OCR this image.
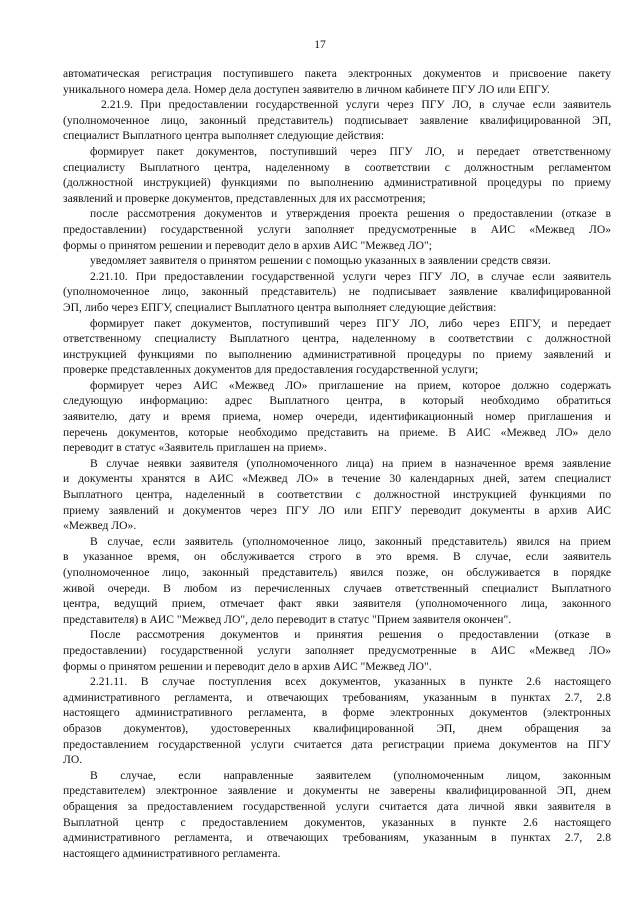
17
автоматическая регистрация поступившего пакета электронных документов и присвоение пакету
уникального номера дела. Номер дела доступен заявителю в личном кабинете ПГУ ЛО или ЕПГУ.
2.21.9. При предоставлении государственной услуги через ПГУ ЛО, в случае если заявитель
(уполномоченное лицо, законный представитель) подписывает заявление квалифицированной ЭП,
специалист Выплатного центра выполняет следующие действия:
формирует пакет документов, поступивший через ПГУ ЛО, и передает ответственному
специалисту Выплатного центра, наделенному в соответствии с должностным регламентом
(должностной инструкцией) функциями по выполнению административной процедуры по приему
заявлений и проверке документов, представленных для их рассмотрения;
после рассмотрения документов и утверждения проекта решения о предоставлении (отказе в
предоставлении) государственной услуги заполняет предусмотренные в АИС «Межвед ЛО»
формы о принятом решении и переводит дело в архив АИС "Межвед ЛО";
уведомляет заявителя о принятом решении с помощью указанных в заявлении средств связи.
2.21.10. При предоставлении государственной услуги через ПГУ ЛО, в случае если заявитель
(уполномоченное лицо, законный представитель) не подписывает заявление квалифицированной
ЭП, либо через ЕПГУ, специалист Выплатного центра выполняет следующие действия:
формирует пакет документов, поступивший через ПГУ ЛО, либо через ЕПГУ, и передает
ответственному специалисту Выплатного центра, наделенному в соответствии с должностной
инструкцией функциями по выполнению административной процедуры по приему заявлений и
проверке представленных документов для предоставления государственной услуги;
формирует через АИС «Межвед ЛО» приглашение на прием, которое должно содержать
следующую информацию: адрес Выплатного центра, в который необходимо обратиться
заявителю, дату и время приема, номер очереди, идентификационный номер приглашения и
перечень документов, которые необходимо представить на приеме. В АИС «Межвед ЛО» дело
переводит в статус «Заявитель приглашен на прием».
В случае неявки заявителя (уполномоченного лица) на прием в назначенное время заявление
и документы хранятся в АИС «Межвед ЛО» в течение 30 календарных дней, затем специалист
Выплатного центра, наделенный в соответствии с должностной инструкцией функциями по
приему заявлений и документов через ПГУ ЛО или ЕПГУ переводит документы в архив АИС
«Межвед ЛО».
В случае, если заявитель (уполномоченное лицо, законный представитель) явился на прием
в указанное время, он обслуживается строго в это время. В случае, если заявитель
(уполномоченное лицо, законный представитель) явился позже, он обслуживается в порядке
живой очереди. В любом из перечисленных случаев ответственный специалист Выплатного
центра, ведущий прием, отмечает факт явки заявителя (уполномоченного лица, законного
представителя) в АИС "Межвед ЛО", дело переводит в статус "Прием заявителя окончен".
После рассмотрения документов и принятия решения о предоставлении (отказе в
предоставлении) государственной услуги заполняет предусмотренные в АИС «Межвед ЛО»
формы о принятом решении и переводит дело в архив АИС "Межвед ЛО".
2.21.11. В случае поступления всех документов, указанных в пункте 2.6 настоящего
административного регламента, и отвечающих требованиям, указанным в пунктах 2.7, 2.8
настоящего административного регламента, в форме электронных документов (электронных
образов документов), удостоверенных квалифицированной ЭП, днем обращения за
предоставлением государственной услуги считается дата регистрации приема документов на ПГУ
ЛО.
В случае, если направленные заявителем (уполномоченным лицом, законным
представителем) электронное заявление и документы не заверены квалифицированной ЭП, днем
обращения за предоставлением государственной услуги считается дата личной явки заявителя в
Выплатной центр с предоставлением документов, указанных в пункте 2.6 настоящего
административного регламента, и отвечающих требованиям, указанным в пунктах 2.7, 2.8
настоящего административного регламента.
